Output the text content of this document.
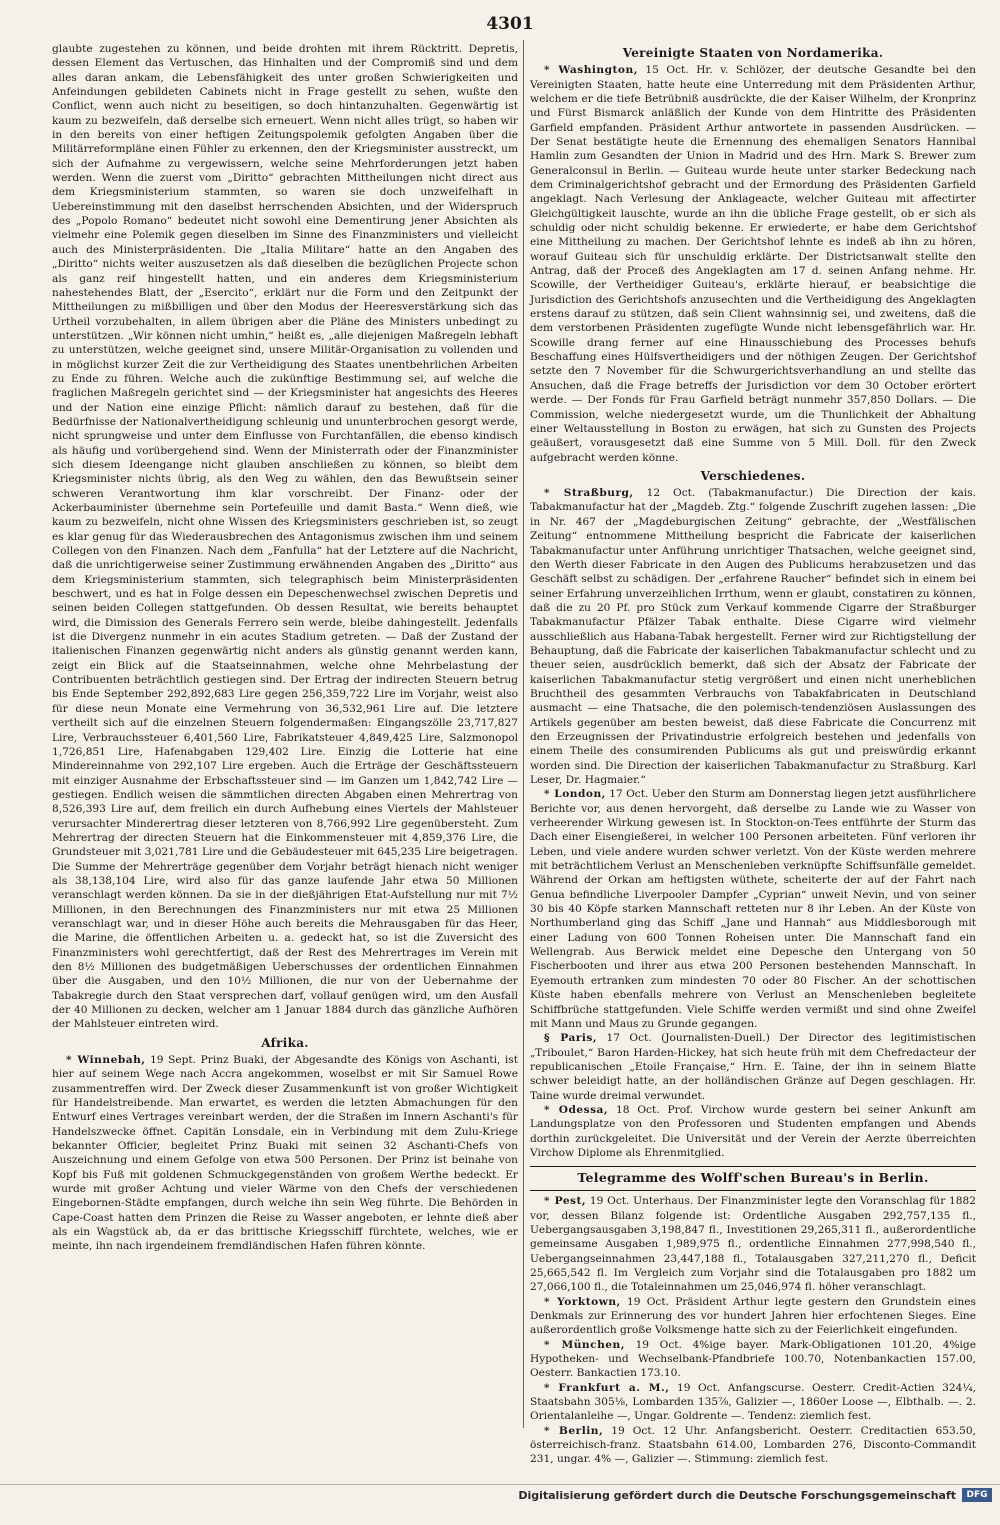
4301

glaubte zugestehen zu können, und beide drohten mit ihrem Rücktritt. Depretis, dessen Element das Vertuschen, das Hinhalten und der Compromiß sind und dem alles daran ankam, die Lebensfähigkeit des unter großen Schwierigkeiten und Anfeindungen gebildeten Cabinets nicht in Frage gestellt zu sehen, wußte den Conflict, wenn auch nicht zu beseitigen, so doch hintanzuhalten. Gegenwärtig ist kaum zu bezweifeln, daß derselbe sich erneuert. Wenn nicht alles trügt, so haben wir in den bereits von einer heftigen Zeitungspolemik gefolgten Angaben über die Militärreformpläne einen Fühler zu erkennen, den der Kriegsminister ausstreckt, um sich der Aufnahme zu vergewissern, welche seine Mehrforderungen jetzt haben werden. Wenn die zuerst vom „Diritto“ gebrachten Mittheilungen nicht direct aus dem Kriegsministerium stammten, so waren sie doch unzweifelhaft in Uebereinstimmung mit den daselbst herrschenden Absichten, und der Widerspruch des „Popolo Romano“ bedeutet nicht sowohl eine Dementirung jener Absichten als vielmehr eine Polemik gegen dieselben im Sinne des Finanzministers und vielleicht auch des Ministerpräsidenten. Die „Italia Militare“ hatte an den Angaben des „Diritto“ nichts weiter auszusetzen als daß dieselben die bezüglichen Projecte schon als ganz reif hingestellt hatten, und ein anderes dem Kriegsministerium nahestehendes Blatt, der „Esercito“, erklärt nur die Form und den Zeitpunkt der Mittheilungen zu mißbilligen und über den Modus der Heeresverstärkung sich das Urtheil vorzubehalten, in allem übrigen aber die Pläne des Ministers unbedingt zu unterstützen. „Wir können nicht umhin,“ heißt es, „alle diejenigen Maßregeln lebhaft zu unterstützen, welche geeignet sind, unsere Militär-Organisation zu vollenden und in möglichst kurzer Zeit die zur Vertheidigung des Staates unentbehrlichen Arbeiten zu Ende zu führen. Welche auch die zukünftige Bestimmung sei, auf welche die fraglichen Maßregeln gerichtet sind — der Kriegsminister hat angesichts des Heeres und der Nation eine einzige Pflicht: nämlich darauf zu bestehen, daß für die Bedürfnisse der Nationalvertheidigung schleunig und ununterbrochen gesorgt werde, nicht sprungweise und unter dem Einflusse von Furchtanfällen, die ebenso kindisch als häufig und vorübergehend sind. Wenn der Ministerrath oder der Finanzminister sich diesem Ideengange nicht glauben anschließen zu können, so bleibt dem Kriegsminister nichts übrig, als den Weg zu wählen, den das Bewußtsein seiner schweren Verantwortung ihm klar vorschreibt. Der Finanz- oder der Ackerbauminister übernehme sein Portefeuille und damit Basta.“ Wenn dieß, wie kaum zu bezweifeln, nicht ohne Wissen des Kriegsministers geschrieben ist, so zeugt es klar genug für das Wiederausbrechen des Antagonismus zwischen ihm und seinem Collegen von den Finanzen. Nach dem „Fanfulla“ hat der Letztere auf die Nachricht, daß die unrichtigerweise seiner Zustimmung erwähnenden Angaben des „Diritto“ aus dem Kriegsministerium stammten, sich telegraphisch beim Ministerpräsidenten beschwert, und es hat in Folge dessen ein Depeschenwechsel zwischen Depretis und seinen beiden Collegen stattgefunden. Ob dessen Resultat, wie bereits behauptet wird, die Dimission des Generals Ferrero sein werde, bleibe dahingestellt. Jedenfalls ist die Divergenz nunmehr in ein acutes Stadium getreten. — Daß der Zustand der italienischen Finanzen gegenwärtig nicht anders als günstig genannt werden kann, zeigt ein Blick auf die Staatseinnahmen, welche ohne Mehrbelastung der Contribuenten beträchtlich gestiegen sind. Der Ertrag der indirecten Steuern betrug bis Ende September 292,892,683 Lire gegen 256,359,722 Lire im Vorjahr, weist also für diese neun Monate eine Vermehrung von 36,532,961 Lire auf. Die letztere vertheilt sich auf die einzelnen Steuern folgendermaßen: Eingangszölle 23,717,827 Lire, Verbrauchssteuer 6,401,560 Lire, Fabrikatsteuer 4,849,425 Lire, Salzmonopol 1,726,851 Lire, Hafenabgaben 129,402 Lire. Einzig die Lotterie hat eine Mindereinnahme von 292,107 Lire ergeben. Auch die Erträge der Geschäftssteuern mit einziger Ausnahme der Erbschaftssteuer sind — im Ganzen um 1,842,742 Lire — gestiegen. Endlich weisen die sämmtlichen directen Abgaben einen Mehrertrag von 8,526,393 Lire auf, dem freilich ein durch Aufhebung eines Viertels der Mahlsteuer verursachter Minderertrag dieser letzteren von 8,766,992 Lire gegenübersteht. Zum Mehrertrag der directen Steuern hat die Einkommensteuer mit 4,859,376 Lire, die Grundsteuer mit 3,021,781 Lire und die Gebäudesteuer mit 645,235 Lire beigetragen. Die Summe der Mehrerträge gegenüber dem Vorjahr beträgt hienach nicht weniger als 38,138,104 Lire, wird also für das ganze laufende Jahr etwa 50 Millionen veranschlagt werden können. Da sie in der dießjährigen Etat-Aufstellung nur mit 7½ Millionen, in den Berechnungen des Finanzministers nur mit etwa 25 Millionen veranschlagt war, und in dieser Höhe auch bereits die Mehrausgaben für das Heer, die Marine, die öffentlichen Arbeiten u. a. gedeckt hat, so ist die Zuversicht des Finanzministers wohl gerechtfertigt, daß der Rest des Mehrertrages im Verein mit den 8½ Millionen des budgetmäßigen Ueberschusses der ordentlichen Einnahmen über die Ausgaben, und den 10½ Millionen, die nur von der Uebernahme der Tabakregie durch den Staat versprechen darf, vollauf genügen wird, um den Ausfall der 40 Millionen zu decken, welcher am 1 Januar 1884 durch das gänzliche Aufhören der Mahlsteuer eintreten wird.

Afrika.

* Winnebah, 19 Sept. Prinz Buaki, der Abgesandte des Königs von Aschanti, ist hier auf seinem Wege nach Accra angekommen, woselbst er mit Sir Samuel Rowe zusammentreffen wird. Der Zweck dieser Zusammenkunft ist von großer Wichtigkeit für Handelstreibende. Man erwartet, es werden die letzten Abmachungen für den Entwurf eines Vertrages vereinbart werden, der die Straßen im Innern Aschanti's für Handelszwecke öffnet. Capitän Lonsdale, ein in Verbindung mit dem Zulu-Kriege bekannter Officier, begleitet Prinz Buaki mit seinen 32 Aschanti-Chefs von Auszeichnung und einem Gefolge von etwa 500 Personen. Der Prinz ist beinahe von Kopf bis Fuß mit goldenen Schmuckgegenständen von großem Werthe bedeckt. Er wurde mit großer Achtung und vieler Wärme von den Chefs der verschiedenen Eingebornen-Städte empfangen, durch welche ihn sein Weg führte. Die Behörden in Cape-Coast hatten dem Prinzen die Reise zu Wasser angeboten, er lehnte dieß aber als ein Wagstück ab, da er das brittische Kriegsschiff fürchtete, welches, wie er meinte, ihn nach irgendeinem fremdländischen Hafen führen könnte.

Vereinigte Staaten von Nordamerika.

* Washington, 15 Oct. Hr. v. Schlözer, der deutsche Gesandte bei den Vereinigten Staaten, hatte heute eine Unterredung mit dem Präsidenten Arthur, welchem er die tiefe Betrübniß ausdrückte, die der Kaiser Wilhelm, der Kronprinz und Fürst Bismarck anläßlich der Kunde von dem Hintritte des Präsidenten Garfield empfanden. Präsident Arthur antwortete in passenden Ausdrücken. — Der Senat bestätigte heute die Ernennung des ehemaligen Senators Hannibal Hamlin zum Gesandten der Union in Madrid und des Hrn. Mark S. Brewer zum Generalconsul in Berlin. — Guiteau wurde heute unter starker Bedeckung nach dem Criminalgerichtshof gebracht und der Ermordung des Präsidenten Garfield angeklagt. Nach Verlesung der Anklageacte, welcher Guiteau mit affectirter Gleichgültigkeit lauschte, wurde an ihn die übliche Frage gestellt, ob er sich als schuldig oder nicht schuldig bekenne. Er erwiederte, er habe dem Gerichtshof eine Mittheilung zu machen. Der Gerichtshof lehnte es indeß ab ihn zu hören, worauf Guiteau sich für unschuldig erklärte. Der Districtsanwalt stellte den Antrag, daß der Proceß des Angeklagten am 17 d. seinen Anfang nehme. Hr. Scowille, der Vertheidiger Guiteau's, erklärte hierauf, er beabsichtige die Jurisdiction des Gerichtshofs anzusechten und die Vertheidigung des Angeklagten erstens darauf zu stützen, daß sein Client wahnsinnig sei, und zweitens, daß die dem verstorbenen Präsidenten zugefügte Wunde nicht lebensgefährlich war. Hr. Scowille drang ferner auf eine Hinausschiebung des Processes behufs Beschaffung eines Hülfsvertheidigers und der nöthigen Zeugen. Der Gerichtshof setzte den 7 November für die Schwurgerichtsverhandlung an und stellte das Ansuchen, daß die Frage betreffs der Jurisdiction vor dem 30 October erörtert werde. — Der Fonds für Frau Garfield beträgt nunmehr 357,850 Dollars. — Die Commission, welche niedergesetzt wurde, um die Thunlichkeit der Abhaltung einer Weltausstellung in Boston zu erwägen, hat sich zu Gunsten des Projects geäußert, vorausgesetzt daß eine Summe von 5 Mill. Doll. für den Zweck aufgebracht werden könne.

Verschiedenes.

* Straßburg, 12 Oct. (Tabakmanufactur.) Die Direction der kais. Tabakmanufactur hat der „Magdeb. Ztg.“ folgende Zuschrift zugehen lassen: „Die in Nr. 467 der „Magdeburgischen Zeitung“ gebrachte, der „Westfälischen Zeitung“ entnommene Mittheilung bespricht die Fabricate der kaiserlichen Tabakmanufactur unter Anführung unrichtiger Thatsachen, welche geeignet sind, den Werth dieser Fabricate in den Augen des Publicums herabzusetzen und das Geschäft selbst zu schädigen. Der „erfahrene Raucher“ befindet sich in einem bei seiner Erfahrung unverzeihlichen Irrthum, wenn er glaubt, constatiren zu können, daß die zu 20 Pf. pro Stück zum Verkauf kommende Cigarre der Straßburger Tabakmanufactur Pfälzer Tabak enthalte. Diese Cigarre wird vielmehr ausschließlich aus Habana-Tabak hergestellt. Ferner wird zur Richtigstellung der Behauptung, daß die Fabricate der kaiserlichen Tabakmanufactur schlecht und zu theuer seien, ausdrücklich bemerkt, daß sich der Absatz der Fabricate der kaiserlichen Tabakmanufactur stetig vergrößert und einen nicht unerheblichen Bruchtheil des gesammten Verbrauchs von Tabakfabricaten in Deutschland ausmacht — eine Thatsache, die den polemisch-tendenziösen Auslassungen des Artikels gegenüber am besten beweist, daß diese Fabricate die Concurrenz mit den Erzeugnissen der Privatindustrie erfolgreich bestehen und jedenfalls von einem Theile des consumirenden Publicums als gut und preiswürdig erkannt worden sind. Die Direction der kaiserlichen Tabakmanufactur zu Straßburg. Karl Leser, Dr. Hagmaier.“

* London, 17 Oct. Ueber den Sturm am Donnerstag liegen jetzt ausführlichere Berichte vor, aus denen hervorgeht, daß derselbe zu Lande wie zu Wasser von verheerender Wirkung gewesen ist. In Stockton-on-Tees entführte der Sturm das Dach einer Eisengießerei, in welcher 100 Personen arbeiteten. Fünf verloren ihr Leben, und viele andere wurden schwer verletzt. Von der Küste werden mehrere mit beträchtlichem Verlust an Menschenleben verknüpfte Schiffsunfälle gemeldet. Während der Orkan am heftigsten wüthete, scheiterte der auf der Fahrt nach Genua befindliche Liverpooler Dampfer „Cyprian“ unweit Nevin, und von seiner 30 bis 40 Köpfe starken Mannschaft retteten nur 8 ihr Leben. An der Küste von Northumberland ging das Schiff „Jane und Hannah“ aus Middlesborough mit einer Ladung von 600 Tonnen Roheisen unter. Die Mannschaft fand ein Wellengrab. Aus Berwick meldet eine Depesche den Untergang von 50 Fischerbooten und ihrer aus etwa 200 Personen bestehenden Mannschaft. In Eyemouth ertranken zum mindesten 70 oder 80 Fischer. An der schottischen Küste haben ebenfalls mehrere von Verlust an Menschenleben begleitete Schiffbrüche stattgefunden. Viele Schiffe werden vermißt und sind ohne Zweifel mit Mann und Maus zu Grunde gegangen.

§ Paris, 17 Oct. (Journalisten-Duell.) Der Director des legitimistischen „Triboulet,“ Baron Harden-Hickey, hat sich heute früh mit dem Chefredacteur der republicanischen „Etoile Française,“ Hrn. E. Taine, der ihn in seinem Blatte schwer beleidigt hatte, an der holländischen Gränze auf Degen geschlagen. Hr. Taine wurde dreimal verwundet.

* Odessa, 18 Oct. Prof. Virchow wurde gestern bei seiner Ankunft am Landungsplatze von den Professoren und Studenten empfangen und Abends dorthin zurückgeleitet. Die Universität und der Verein der Aerzte überreichten Virchow Diplome als Ehrenmitglied.

Telegramme des Wolff'schen Bureau's in Berlin.

* Pest, 19 Oct. Unterhaus. Der Finanzminister legte den Voranschlag für 1882 vor, dessen Bilanz folgende ist: Ordentliche Ausgaben 292,757,135 fl., Uebergangsausgaben 3,198,847 fl., Investitionen 29,265,311 fl., außerordentliche gemeinsame Ausgaben 1,989,975 fl., ordentliche Einnahmen 277,998,540 fl., Uebergangseinnahmen 23,447,188 fl., Totalausgaben 327,211,270 fl., Deficit 25,665,542 fl. Im Vergleich zum Vorjahr sind die Totalausgaben pro 1882 um 27,066,100 fl., die Totaleinnahmen um 25,046,974 fl. höher veranschlagt.

* Yorktown, 19 Oct. Präsident Arthur legte gestern den Grundstein eines Denkmals zur Erinnerung des vor hundert Jahren hier erfochtenen Sieges. Eine außerordentlich große Volksmenge hatte sich zu der Feierlichkeit eingefunden.

* München, 19 Oct. 4%ige bayer. Mark-Obligationen 101.20, 4%ige Hypotheken- und Wechselbank-Pfandbriefe 100.70, Notenbankactien 157.00, Oesterr. Bankactien 173.10.

* Frankfurt a. M., 19 Oct. Anfangscurse. Oesterr. Credit-Actien 324¼, Staatsbahn 305⅛, Lombarden 135⅞, Galizier —, 1860er Loose —, Elbthalb. —. 2. Orientalanleihe —, Ungar. Goldrente —. Tendenz: ziemlich fest.

* Berlin, 19 Oct. 12 Uhr. Anfangsbericht. Oesterr. Creditactien 653.50, österreichisch-franz. Staatsbahn 614.00, Lombarden 276, Disconto-Commandit 231, ungar. 4% —, Galizier —. Stimmung: ziemlich fest.

Digitalisierung gefördert durch die Deutsche Forschungsgemeinschaft	DFG
